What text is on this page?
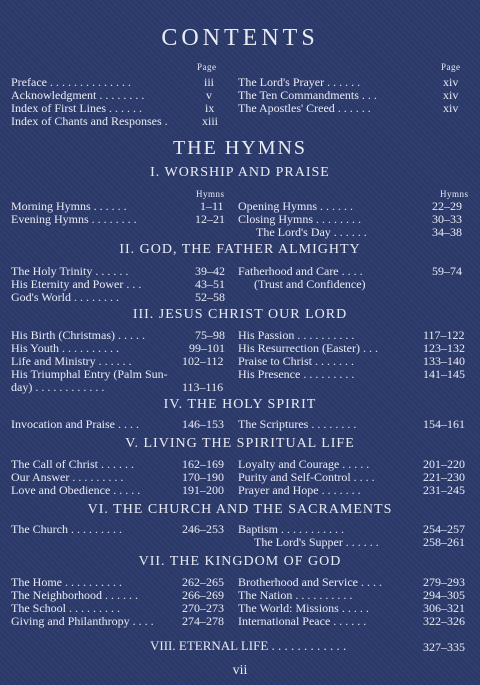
CONTENTS
Page	Page
Preface . . . . . . . . . . . . . .	iii
Acknowledgment . . . . . . . .	v
Index of First Lines . . . . . .	ix
Index of Chants and Responses .	xiii
The Lord's Prayer . . . . . .	xiv
The Ten Commandments . . .	xiv
The Apostles' Creed . . . . . .	xiv
THE HYMNS
I. WORSHIP AND PRAISE
Hymns	Hymns
Morning Hymns . . . . . .	1–11
Evening Hymns . . . . . . . .	12–21
Opening Hymns . . . . . .	22–29
Closing Hymns . . . . . . . .	30–33
The Lord's Day . . . . . .	34–38
II. GOD, THE FATHER ALMIGHTY
The Holy Trinity . . . . . .	39–42
His Eternity and Power . . .	43–51
God's World . . . . . . . .	52–58
Fatherhood and Care . . . .	59–74
(Trust and Confidence)
III. JESUS CHRIST OUR LORD
His Birth (Christmas) . . . . .	75–98
His Youth . . . . . . . . . .	99–101
Life and Ministry . . . . . .	102–112
His Triumphal Entry (Palm Sun-
day) . . . . . . . . . . . .	113–116
His Passion . . . . . . . . . .	117–122
His Resurrection (Easter) . . .	123–132
Praise to Christ . . . . . . .	133–140
His Presence . . . . . . . . .	141–145
IV. THE HOLY SPIRIT
Invocation and Praise . . . .	146–153 The Scriptures . . . . . . . .	154–161
V. LIVING THE SPIRITUAL LIFE
The Call of Christ . . . . . .	162–169
Our Answer . . . . . . . . .	170–190
Love and Obedience . . . . .	191–200
Loyalty and Courage . . . . .	201–220
Purity and Self-Control . . . .	221–230
Prayer and Hope . . . . . . .	231–245
VI. THE CHURCH AND THE SACRAMENTS
The Church . . . . . . . . .	246–253 Baptism . . . . . . . . . . .	254–257
The Lord's Supper . . . . . .	258–261
VII. THE KINGDOM OF GOD
The Home . . . . . . . . . .	262–265
The Neighborhood . . . . . .	266–269
The School . . . . . . . . .	270–273
Giving and Philanthropy . . . . 274–278
Brotherhood and Service . . . .	279–293
The Nation . . . . . . . . . .	294–305
The World: Missions . . . . .	306–321
International Peace . . . . . .	322–326
VIII. ETERNAL LIFE . . . . . . . . . . . .	327–335
vii
